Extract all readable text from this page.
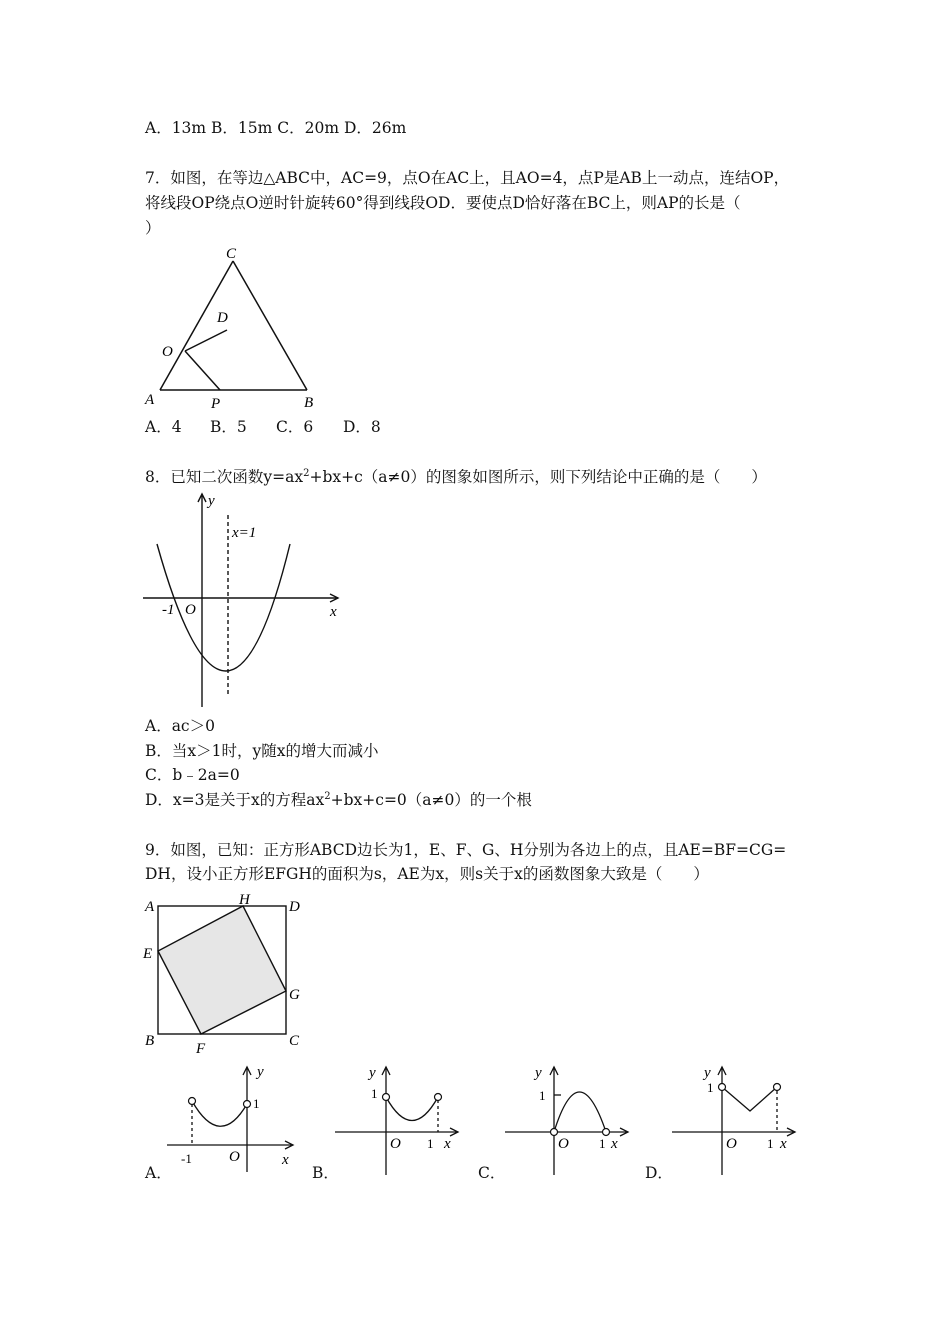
A．13m B．15m C．20m D．26m
7．如图，在等边△ABC中，AC=9，点O在AC上，且AO=4，点P是AB上一动点，连结OP，
将线段OP绕点O逆时针旋转60°得到线段OD．要使点D恰好落在BC上，则AP的长是（
）
C
D
O
A	P	B
A．4 B．5 C．6 D．8
8．已知二次函数$y=ax^2+bx+c(a\ne 0)$的图象如图所示，则下列结论中正确的是（　　）
y
x=1
-1 O	x
A．ac＞0
B．当x＞1时，y随x的增大而减小
C．b﹣2a=0
D．x=3是关于x的方程$ax^2+bx+c=0(a\ne 0)$的一个根
9．如图，已知：正方形ABCD边长为1，E、F、G、H分别为各边上的点，且AE=BF=CG=
DH，设小正方形EFGH的面积为s，AE为x，则s关于x的函数图象大致是（　　）
A	H	D
E
G
B	F	C
A．
y
1
-1 O	x
B．
y
1
O 1 x
C．
y
1
O 1 x
D．
y
1
O 1 x
